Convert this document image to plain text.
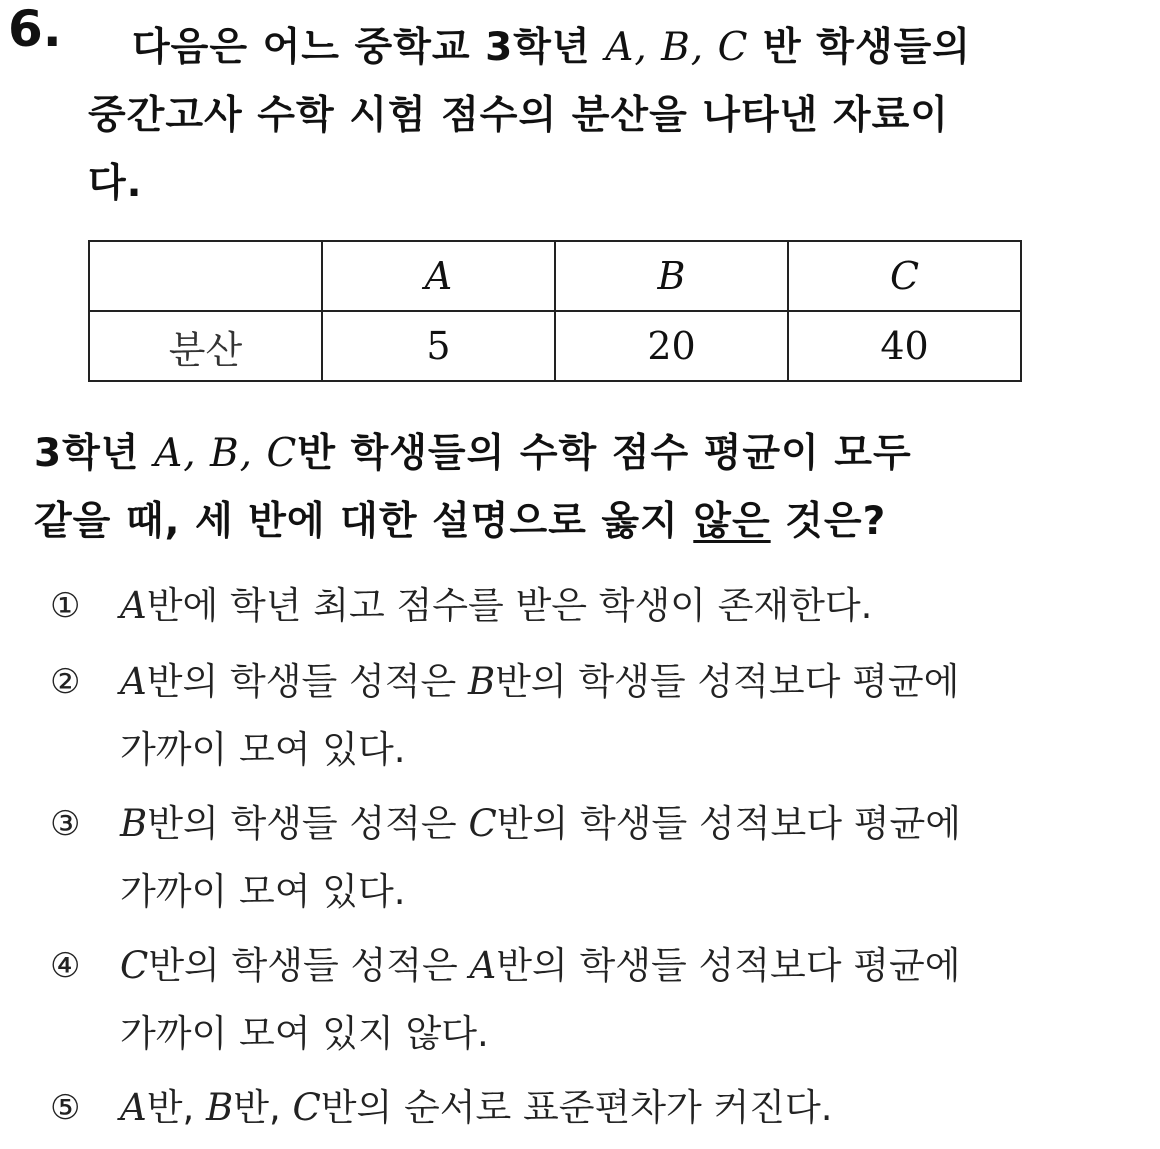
6.	다음은 어느 중학교 3학년 A, B, C 반 학생들의
중간고사 수학 시험 점수의 분산을 나타낸 자료이
다.
	A	B	C
분산	5	20	40
3학년 A, B, C반 학생들의 수학 점수 평균이 모두
같을 때, 세 반에 대한 설명으로 옳지 않은 것은?
①	A반에 학년 최고 점수를 받은 학생이 존재한다.
②	A반의 학생들 성적은 B반의 학생들 성적보다 평균에
가까이 모여 있다.
③	B반의 학생들 성적은 C반의 학생들 성적보다 평균에
가까이 모여 있다.
④	C반의 학생들 성적은 A반의 학생들 성적보다 평균에
가까이 모여 있지 않다.
⑤	A반, B반, C반의 순서로 표준편차가 커진다.
